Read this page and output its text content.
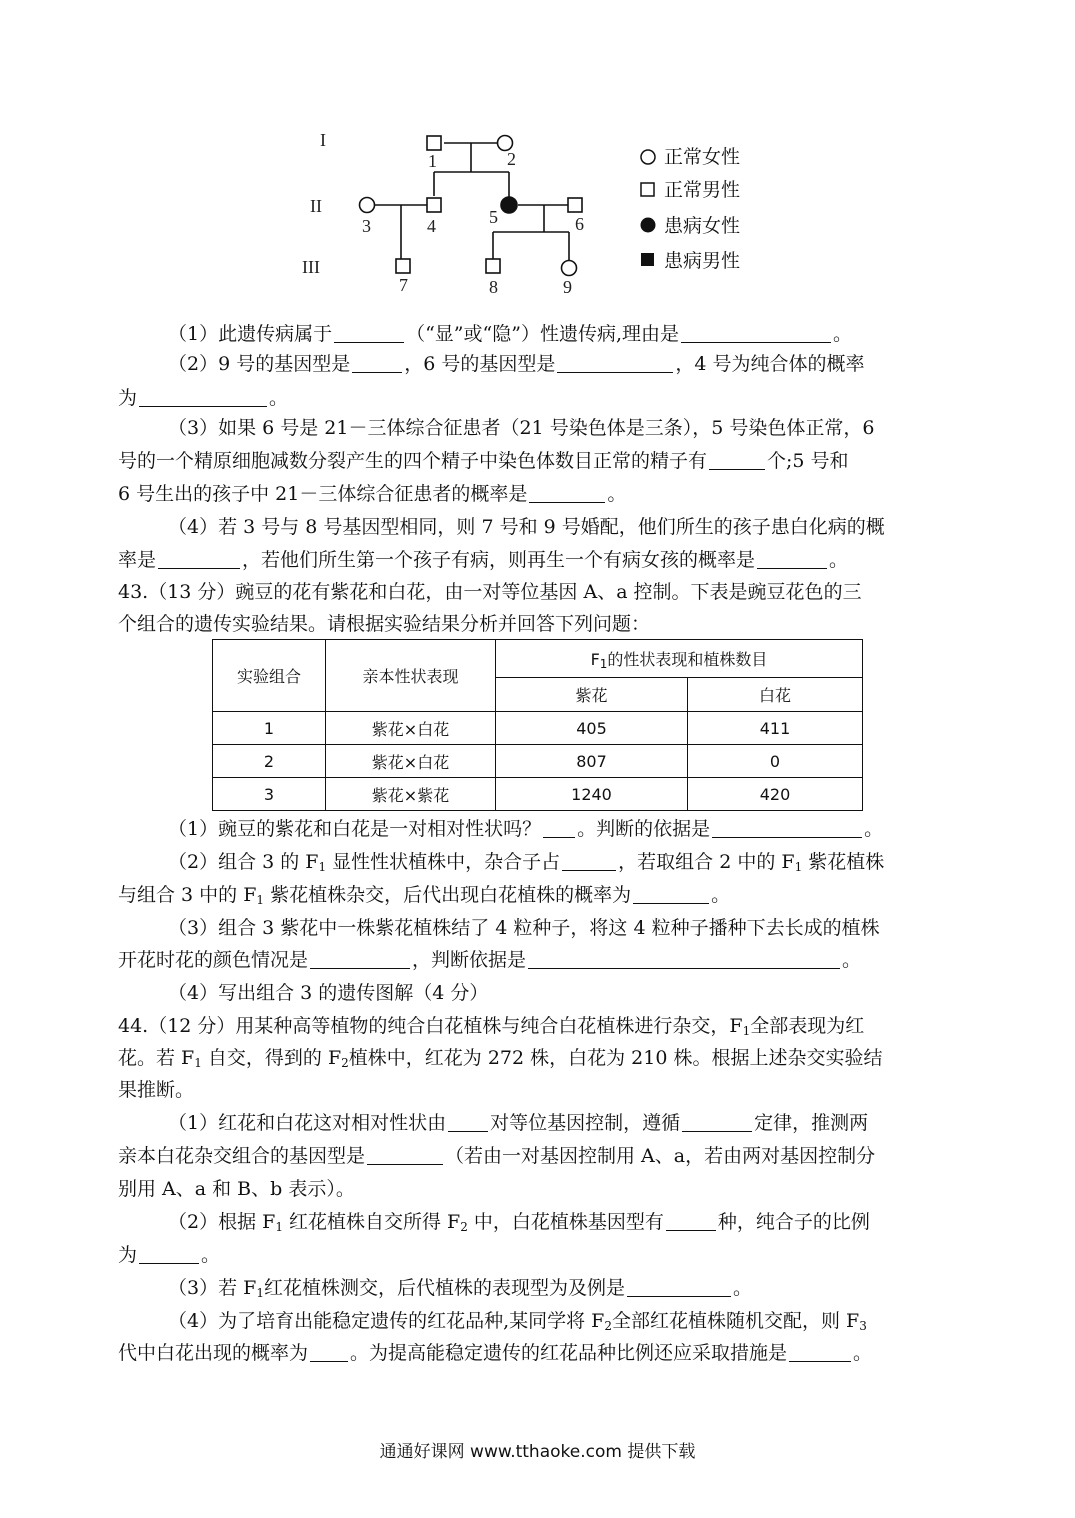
I
II
III
1	2
3	4	5	6
7	8	9
正常女性
正常男性
患病女性
患病男性
（1）此遗传病属于	（“显”或“隐”）性遗传病,理由是	。
（2）9 号的基因型是	，6 号的基因型是	，4 号为纯合体的概率
为	。
（3）如果 6 号是 21－三体综合征患者（21 号染色体是三条），5 号染色体正常，6
号的一个精原细胞减数分裂产生的四个精子中染色体数目正常的精子有	个;5 号和
6 号生出的孩子中 21－三体综合征患者的概率是	。
（4）若 3 号与 8 号基因型相同，则 7 号和 9 号婚配，他们所生的孩子患白化病的概
率是	，若他们所生第一个孩子有病，则再生一个有病女孩的概率是	。
43.（13 分）豌豆的花有紫花和白花，由一对等位基因 A、a 控制。下表是豌豆花色的三
个组合的遗传实验结果。请根据实验结果分析并回答下列问题：
实验组合	亲本性状表现	$F_1$的性状表现和植株数目	
		紫花	白花
1	紫花×白花	405	411
2	紫花×白花	807	0
3	紫花×紫花	1240	420
（1）豌豆的紫花和白花是一对相对性状吗？ 。判断的依据是	。
（2）组合 3 的 $F_1$ 显性性状植株中，杂合子占	，若取组合 2 中的 $F_1$ 紫花植株
与组合 3 中的 $F_1$ 紫花植株杂交，后代出现白花植株的概率为	。
（3）组合 3 紫花中一株紫花植株结了 4 粒种子，将这 4 粒种子播种下去长成的植株
开花时花的颜色情况是	，判断依据是	。
（4）写出组合 3 的遗传图解（4 分）
44.（12 分）用某种高等植物的纯合白花植株与纯合白花植株进行杂交，$F_1$全部表现为红
花。若 $F_1$ 自交，得到的 $F_2$植株中，红花为 272 株，白花为 210 株。根据上述杂交实验结
果推断。
（1）红花和白花这对相对性状由 对等位基因控制，遵循	定律，推测两
亲本白花杂交组合的基因型是	（若由一对基因控制用 A、a，若由两对基因控制分
别用 A、a 和 B、b 表示）。
（2）根据 $F_1$ 红花植株自交所得 $F_2$ 中，白花植株基因型有	种，纯合子的比例
为	。
（3）若 $F_1$红花植株测交，后代植株的表现型为及例是	。
（4）为了培育出能稳定遗传的红花品种,某同学将 $F_2$全部红花植株随机交配，则 $F_3$
代中白花出现的概率为 。为提高能稳定遗传的红花品种比例还应采取措施是	。
通通好课网 www.tthaoke.com 提供下载
